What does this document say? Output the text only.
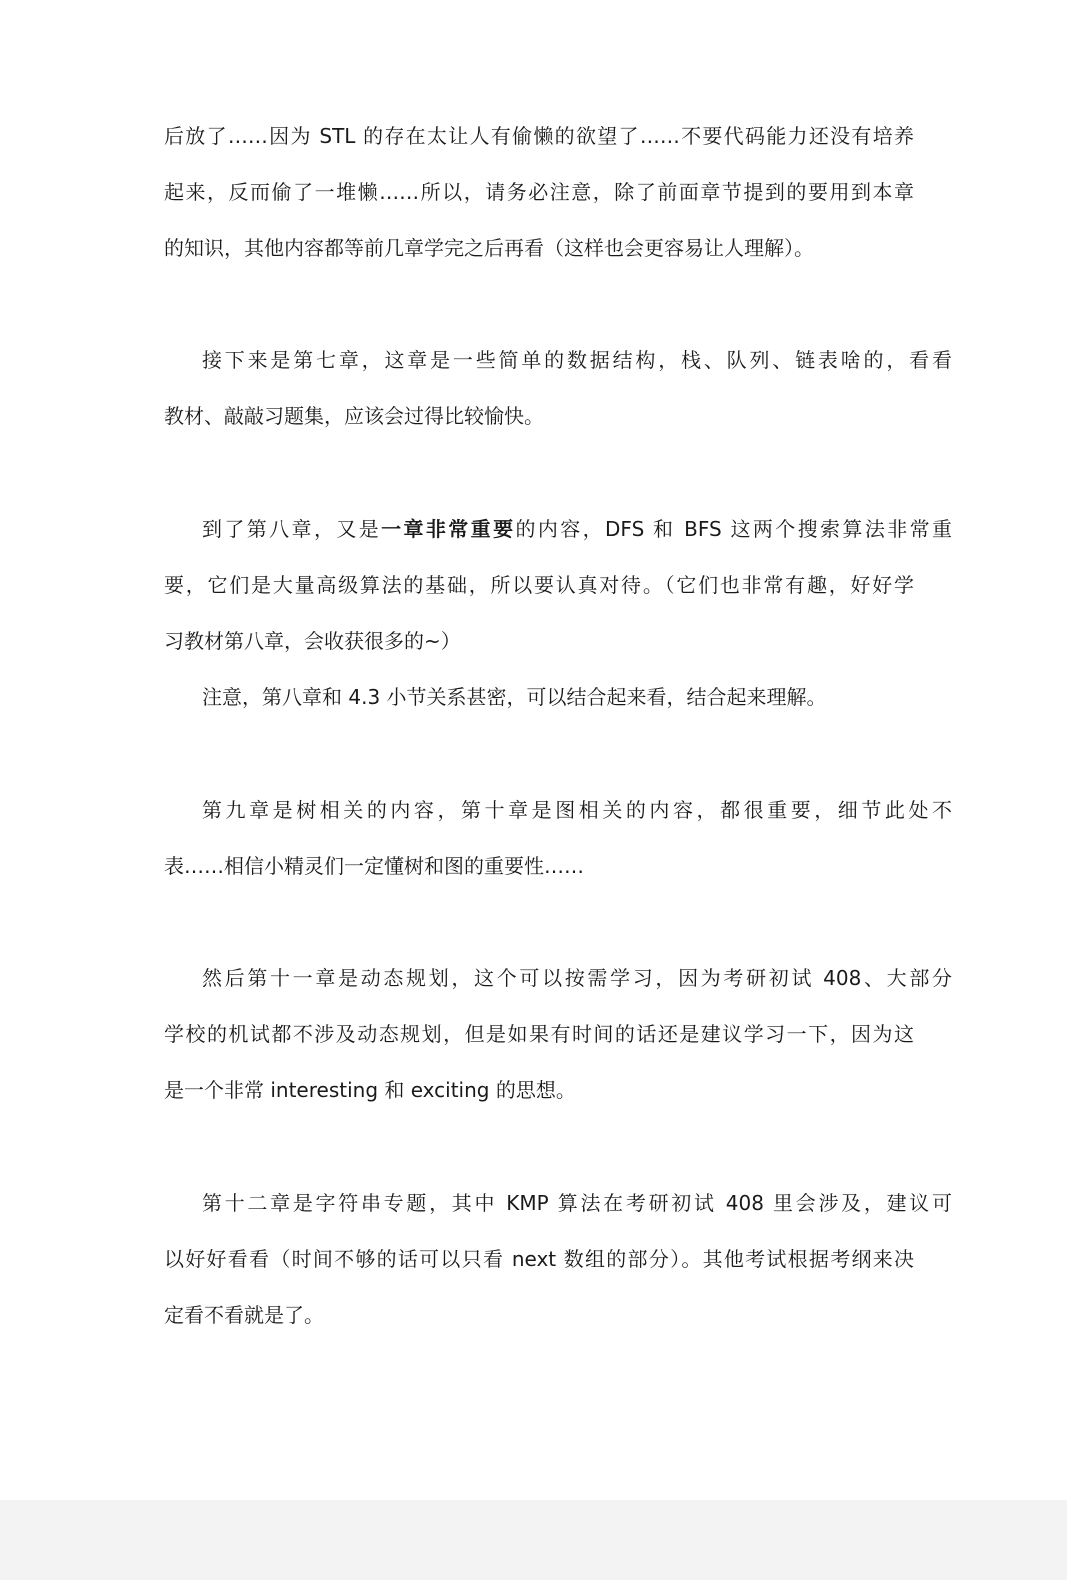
后放了……因为 STL 的存在太让人有偷懒的欲望了……不要代码能力还没有培养
起来，反而偷了一堆懒……所以，请务必注意，除了前面章节提到的要用到本章
的知识，其他内容都等前几章学完之后再看（这样也会更容易让人理解）。
接下来是第七章，这章是一些简单的数据结构，栈、队列、链表啥的，看看
教材、敲敲习题集，应该会过得比较愉快。
到了第八章，又是一章非常重要的内容，DFS 和 BFS 这两个搜索算法非常重
要，它们是大量高级算法的基础，所以要认真对待。（它们也非常有趣，好好学
习教材第八章，会收获很多的~）
注意，第八章和 4.3 小节关系甚密，可以结合起来看，结合起来理解。
第九章是树相关的内容，第十章是图相关的内容，都很重要，细节此处不
表……相信小精灵们一定懂树和图的重要性……
然后第十一章是动态规划，这个可以按需学习，因为考研初试 408、大部分
学校的机试都不涉及动态规划，但是如果有时间的话还是建议学习一下，因为这
是一个非常 interesting 和 exciting 的思想。
第十二章是字符串专题，其中 KMP 算法在考研初试 408 里会涉及，建议可
以好好看看（时间不够的话可以只看 next 数组的部分）。其他考试根据考纲来决
定看不看就是了。
